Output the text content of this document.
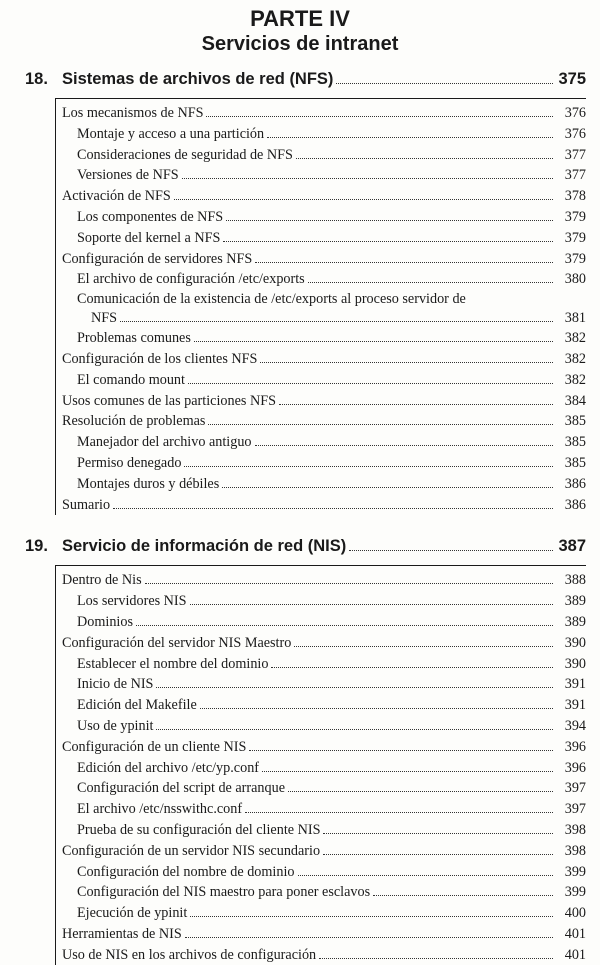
PARTE IV
Servicios de intranet
18. Sistemas de archivos de red (NFS)	375
Los mecanismos de NFS	376
Montaje y acceso a una partición	376
Consideraciones de seguridad de NFS	377
Versiones de NFS	377
Activación de NFS	378
Los componentes de NFS	379
Soporte del kernel a NFS	379
Configuración de servidores NFS	379
El archivo de configuración /etc/exports	380
Comunicación de la existencia de /etc/exports al proceso servidor de
NFS	381
Problemas comunes	382
Configuración de los clientes NFS	382
El comando mount	382
Usos comunes de las particiones NFS	384
Resolución de problemas	385
Manejador del archivo antiguo	385
Permiso denegado	385
Montajes duros y débiles	386
Sumario	386
19. Servicio de información de red (NIS)	387
Dentro de Nis	388
Los servidores NIS	389
Dominios	389
Configuración del servidor NIS Maestro	390
Establecer el nombre del dominio	390
Inicio de NIS	391
Edición del Makefile	391
Uso de ypinit	394
Configuración de un cliente NIS	396
Edición del archivo /etc/yp.conf	396
Configuración del script de arranque	397
El archivo /etc/nsswithc.conf	397
Prueba de su configuración del cliente NIS	398
Configuración de un servidor NIS secundario	398
Configuración del nombre de dominio	399
Configuración del NIS maestro para poner esclavos	399
Ejecución de ypinit	400
Herramientas de NIS	401
Uso de NIS en los archivos de configuración	401
